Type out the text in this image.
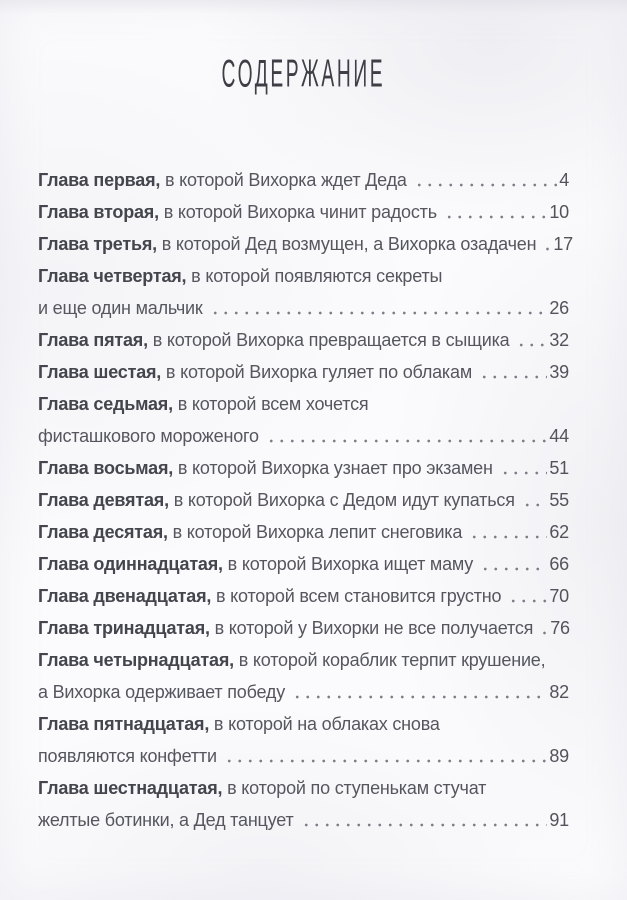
СОДЕРЖАНИЕ
Глава первая, в которой Вихорка ждет Деда	4
Глава вторая, в которой Вихорка чинит радость	10
Глава третья, в которой Дед возмущен, а Вихорка озадачен 17
Глава четвертая, в которой появляются секреты
и еще один мальчик	26
Глава пятая, в которой Вихорка превращается в сыщика 32
Глава шестая, в которой Вихорка гуляет по облакам	39
Глава седьмая, в которой всем хочется
фисташкового мороженого	44
Глава восьмая, в которой Вихорка узнает про экзамен	51
Глава девятая, в которой Вихорка с Дедом идут купаться 55
Глава десятая, в которой Вихорка лепит снеговика	62
Глава одиннадцатая, в которой Вихорка ищет маму	66
Глава двенадцатая, в которой всем становится грустно	70
Глава тринадцатая, в которой у Вихорки не все получается 76
Глава четырнадцатая, в которой кораблик терпит крушение,
а Вихорка одерживает победу	82
Глава пятнадцатая, в которой на облаках снова
появляются конфетти	89
Глава шестнадцатая, в которой по ступенькам стучат
желтые ботинки, а Дед танцует	91
